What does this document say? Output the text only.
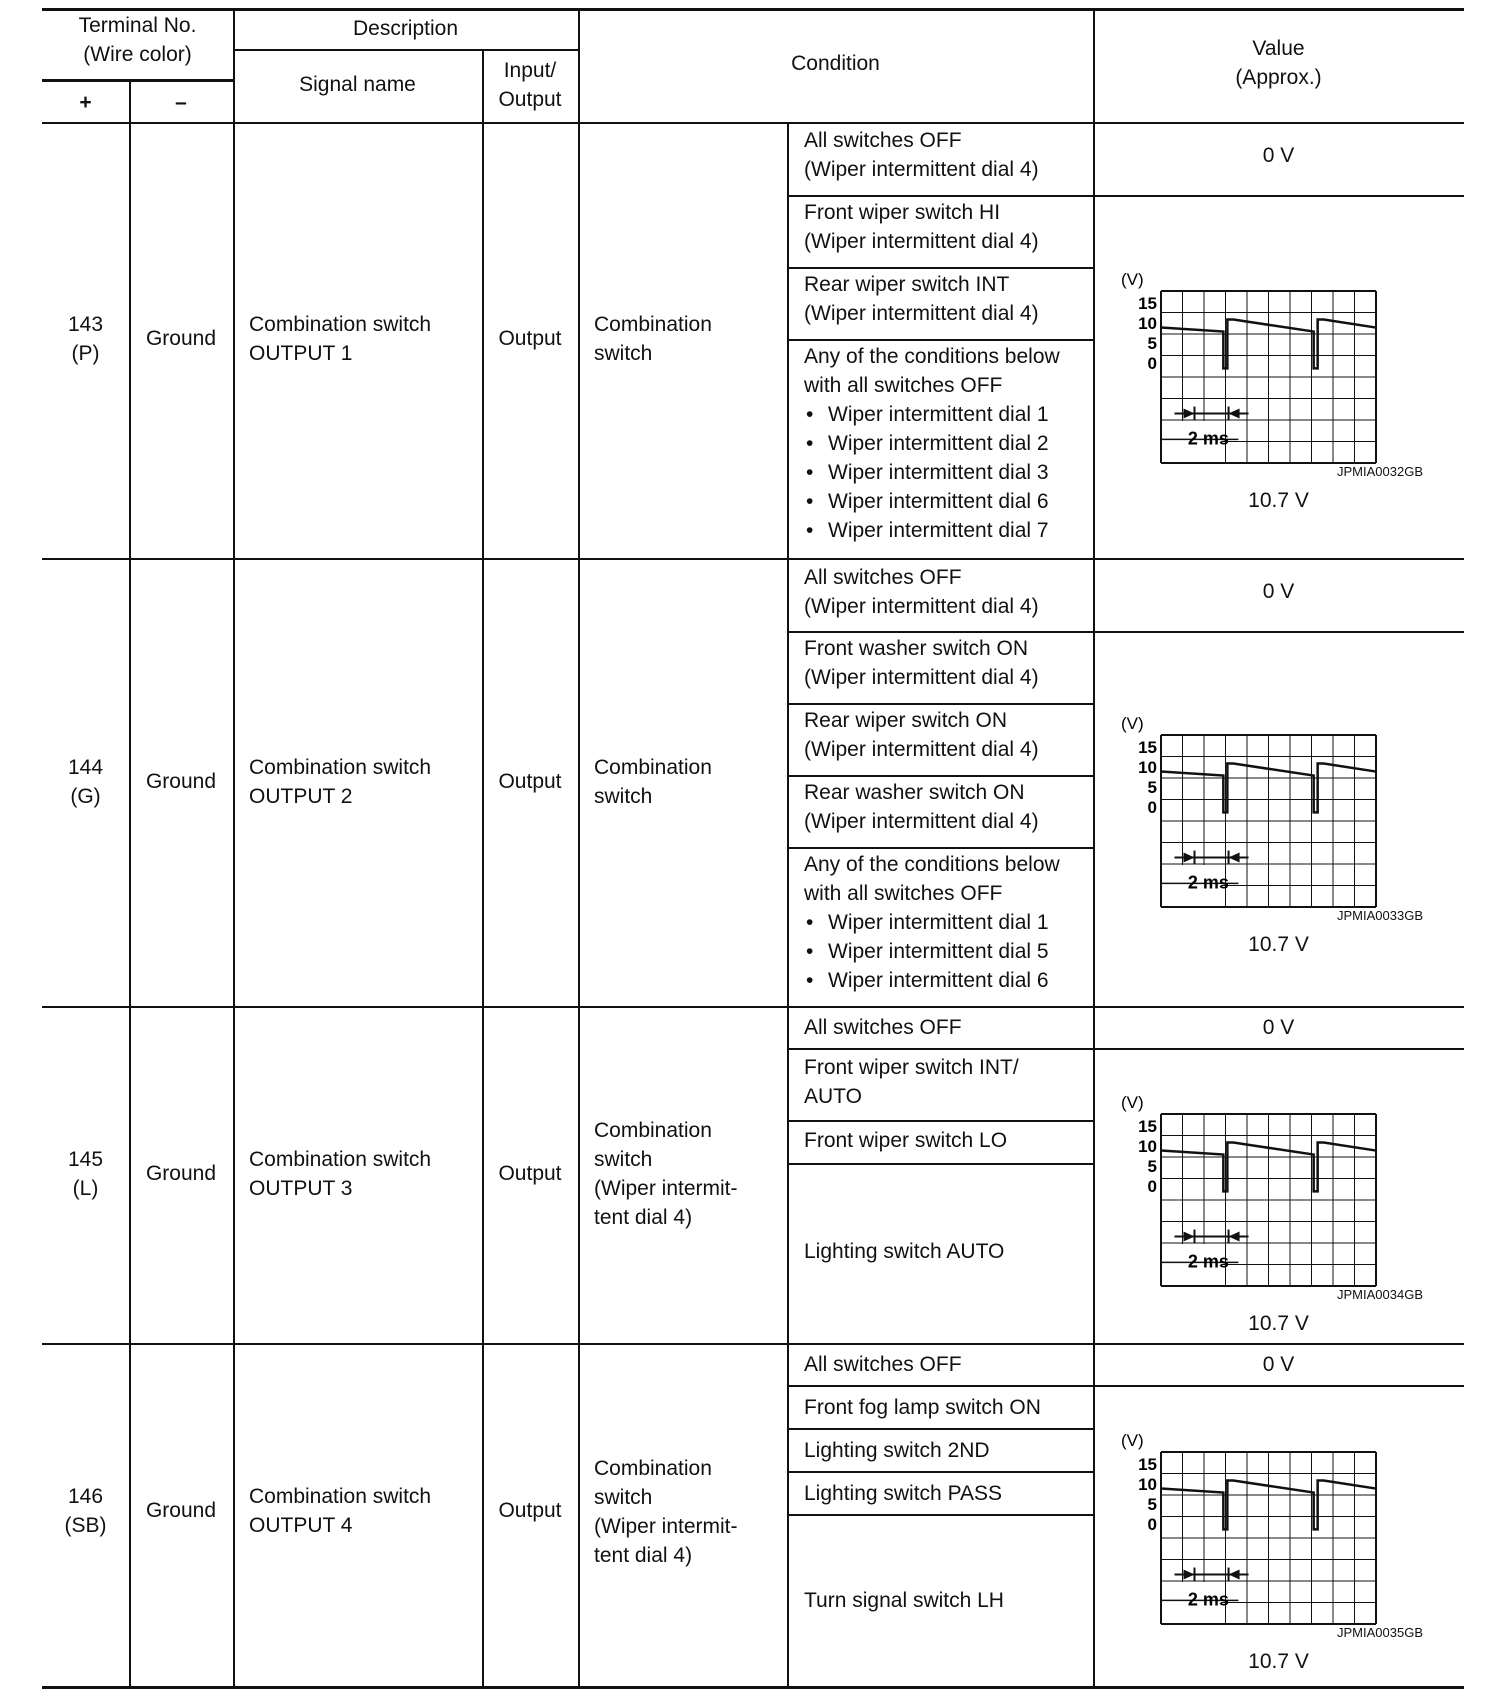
Terminal No.
(Wire color)
+	–
Description
Signal name
Input/
Output
Condition
Value
(Approx.)
143
(P)
Ground
Combination switch
OUTPUT 1
Output
Combination
switch
All switches OFF
(Wiper intermittent dial 4)
Front wiper switch HI
(Wiper intermittent dial 4)
Rear wiper switch INT
(Wiper intermittent dial 4)
Any of the conditions below
with all switches OFF
• Wiper intermittent dial 1
• Wiper intermittent dial 2
• Wiper intermittent dial 3
• Wiper intermittent dial 6
• Wiper intermittent dial 7
0 V
(V)
15
10
5
0
2 ms
JPMIA0032GB
10.7 V
144
(G)
Ground
Combination switch
OUTPUT 2
Output
Combination
switch
All switches OFF
(Wiper intermittent dial 4)
Front washer switch ON
(Wiper intermittent dial 4)
Rear wiper switch ON
(Wiper intermittent dial 4)
Rear washer switch ON
(Wiper intermittent dial 4)
Any of the conditions below
with all switches OFF
• Wiper intermittent dial 1
• Wiper intermittent dial 5
• Wiper intermittent dial 6
0 V
(V)
15
10
5
0
2 ms
JPMIA0033GB
10.7 V
145
(L)
Ground
Combination switch
OUTPUT 3
Output
Combination
switch
(Wiper intermit-
tent dial 4)
All switches OFF
Front wiper switch INT/
AUTO
Front wiper switch LO
Lighting switch AUTO
0 V
(V)
15
10
5
0
2 ms
JPMIA0034GB
10.7 V
146
(SB)
Ground
Combination switch
OUTPUT 4
Output
Combination
switch
(Wiper intermit-
tent dial 4)
All switches OFF
Front fog lamp switch ON
Lighting switch 2ND
Lighting switch PASS
Turn signal switch LH
0 V
(V)
15
10
5
0
2 ms
JPMIA0035GB
10.7 V
